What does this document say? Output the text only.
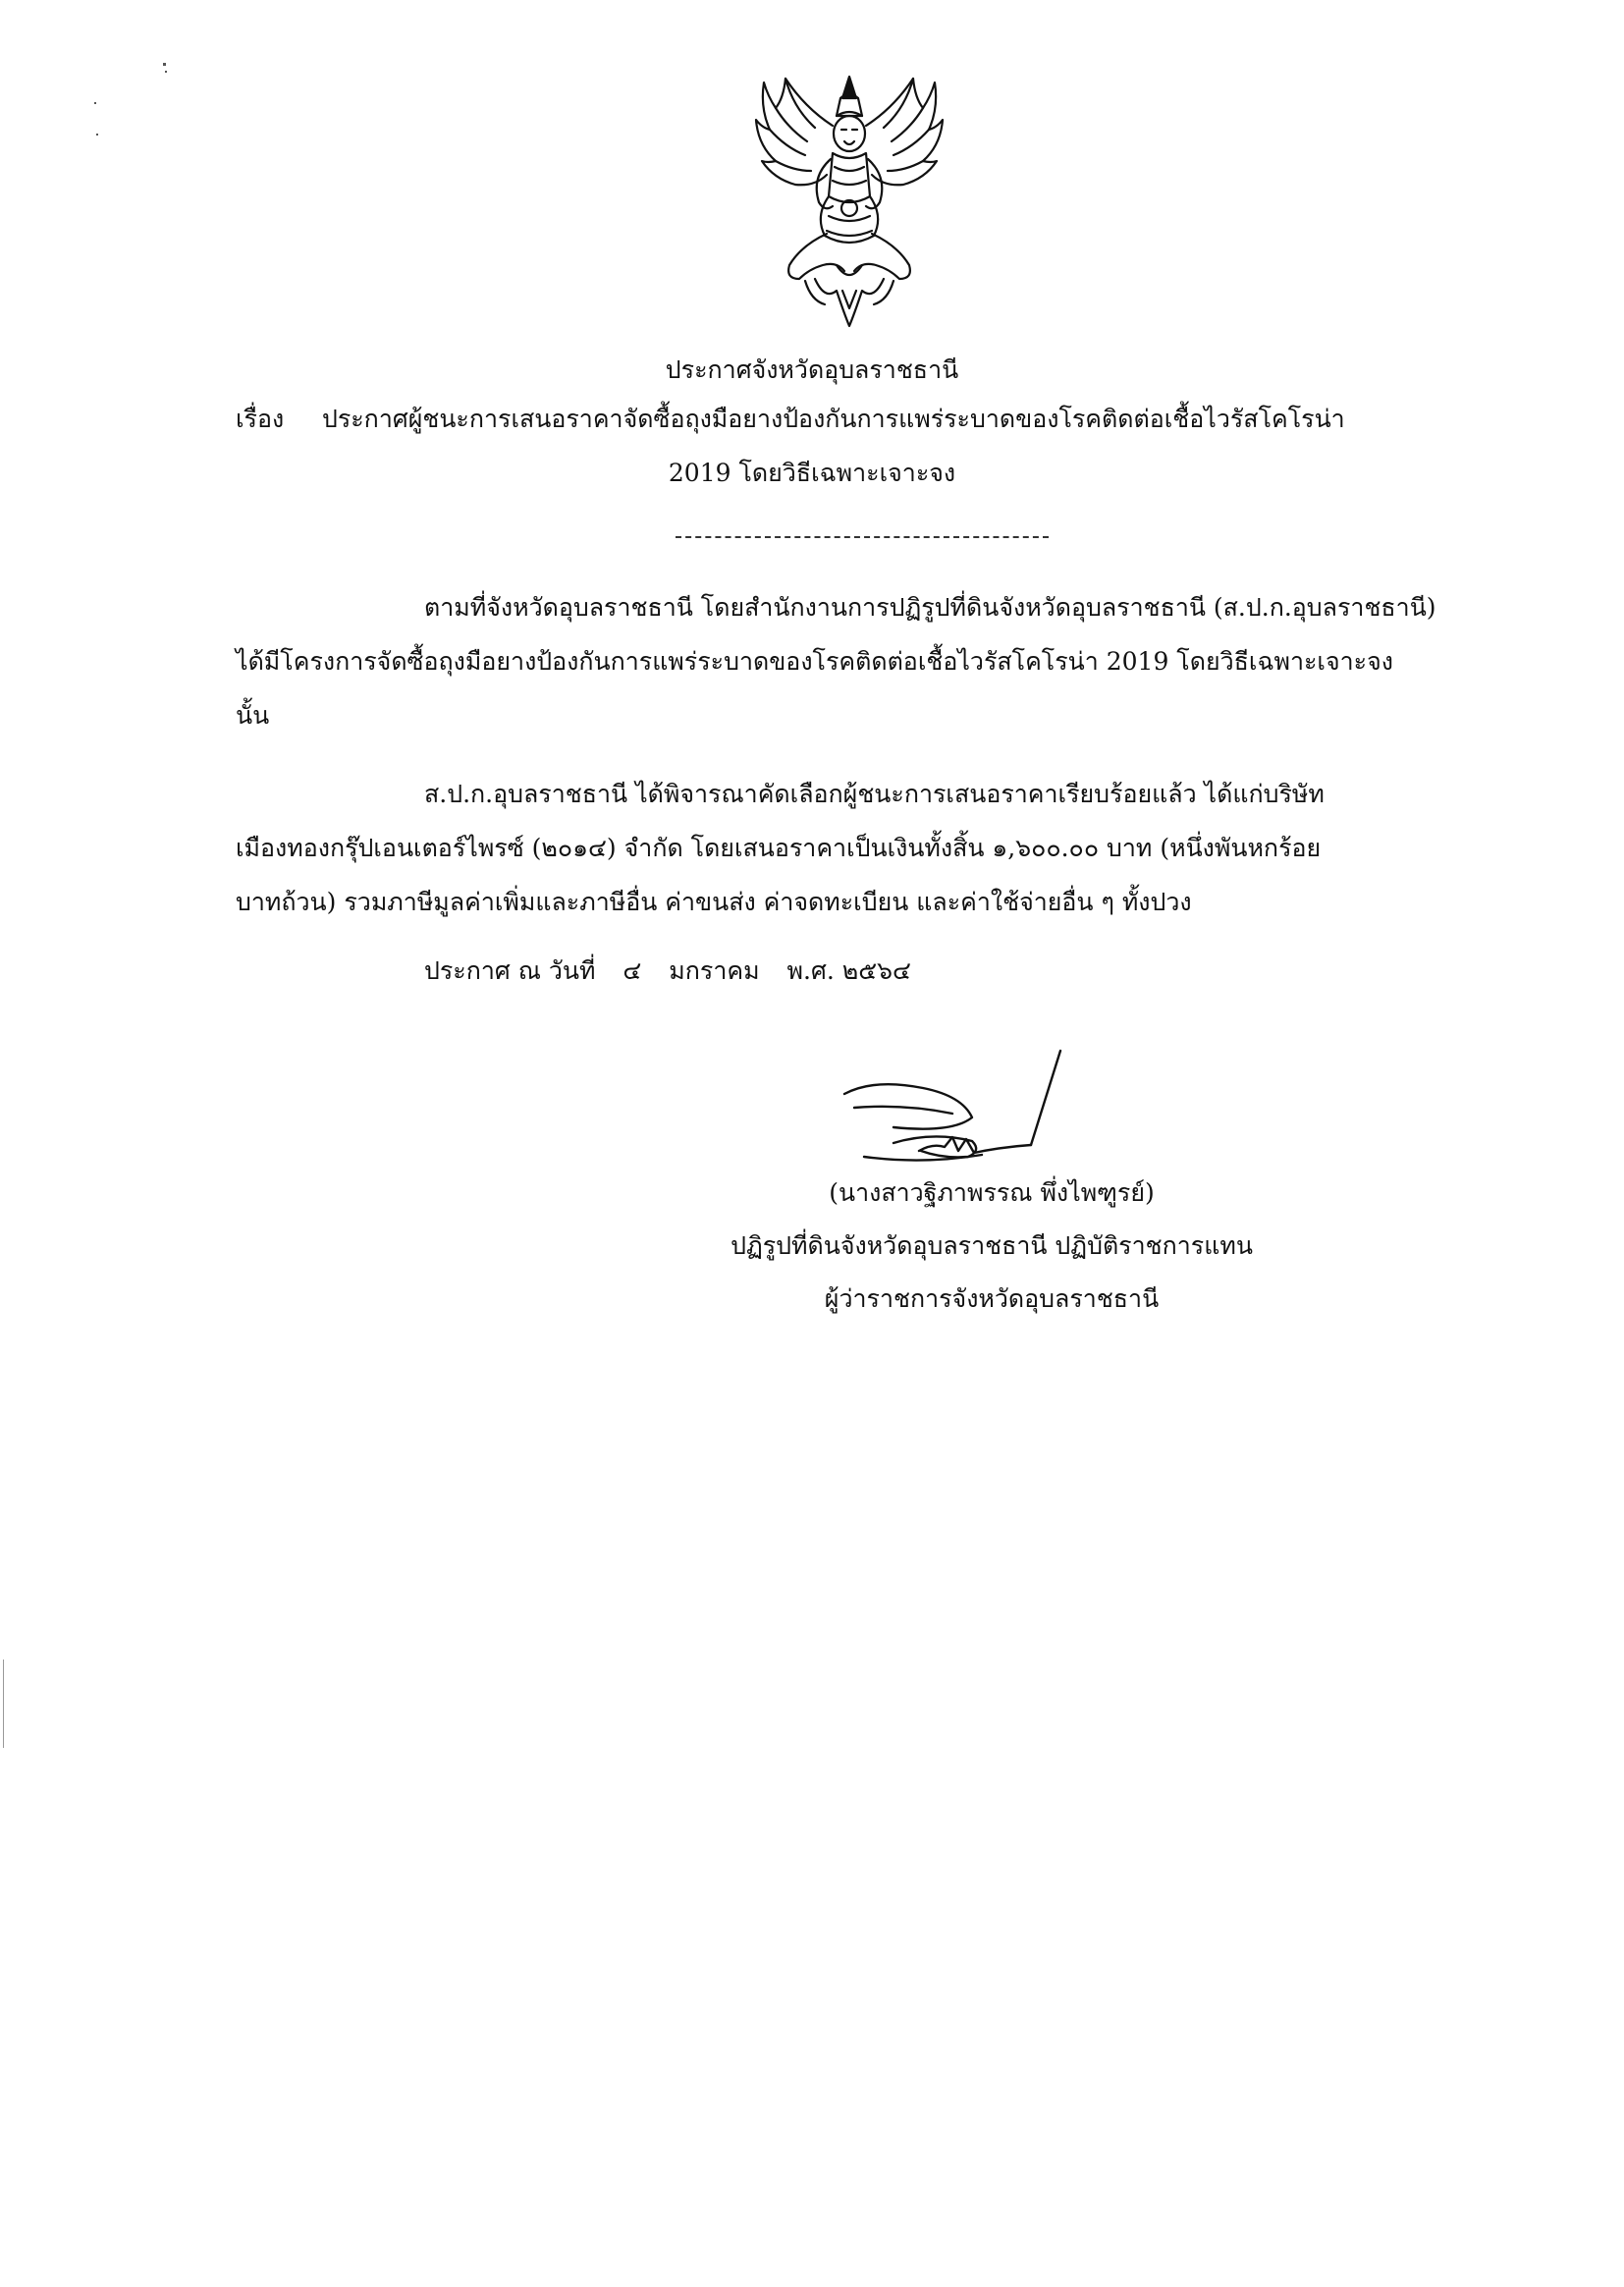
ประกาศจังหวัดอุบลราชธานี
เรื่อง ประกาศผู้ชนะการเสนอราคาจัดซื้อถุงมือยางป้องกันการแพร่ระบาดของโรคติดต่อเชื้อไวรัสโคโรน่า
2019 โดยวิธีเฉพาะเจาะจง
ตามที่จังหวัดอุบลราชธานี โดยสำนักงานการปฏิรูปที่ดินจังหวัดอุบลราชธานี (ส.ป.ก.อุบลราชธานี)
ได้มีโครงการจัดซื้อถุงมือยางป้องกันการแพร่ระบาดของโรคติดต่อเชื้อไวรัสโคโรน่า 2019 โดยวิธีเฉพาะเจาะจง
นั้น
ส.ป.ก.อุบลราชธานี ได้พิจารณาคัดเลือกผู้ชนะการเสนอราคาเรียบร้อยแล้ว ได้แก่บริษัท
เมืองทองกรุ๊ปเอนเตอร์ไพรซ์ (๒๐๑๔) จำกัด โดยเสนอราคาเป็นเงินทั้งสิ้น ๑,๖๐๐.๐๐ บาท (หนึ่งพันหกร้อย
บาทถ้วน) รวมภาษีมูลค่าเพิ่มและภาษีอื่น ค่าขนส่ง ค่าจดทะเบียน และค่าใช้จ่ายอื่น ๆ ทั้งปวง
ประกาศ ณ วันที่ ๔ มกราคม พ.ศ. ๒๕๖๔
(นางสาวฐิภาพรรณ พึ่งไพฑูรย์)
ปฏิรูปที่ดินจังหวัดอุบลราชธานี ปฏิบัติราชการแทน
ผู้ว่าราชการจังหวัดอุบลราชธานี
